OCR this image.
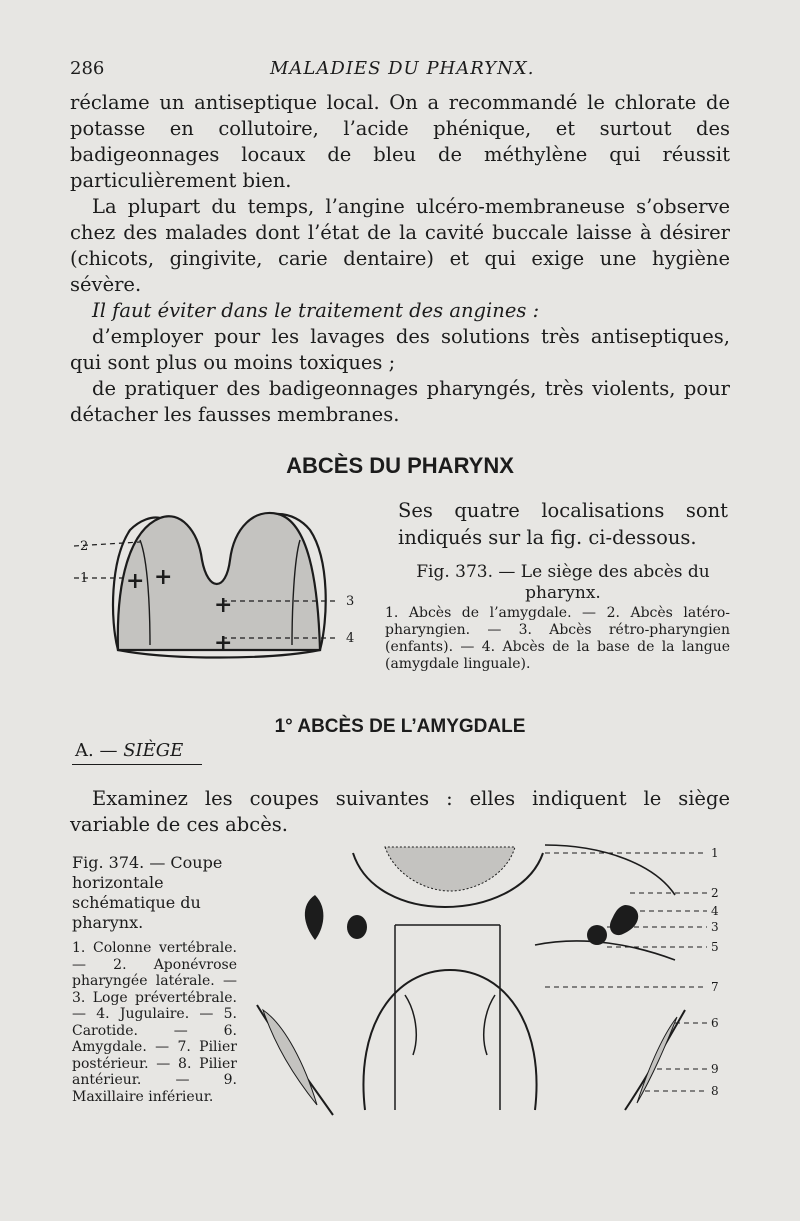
286	MALADIES DU PHARYNX.

réclame un antiseptique local. On a recommandé le chlorate de potasse en collutoire, l’acide phénique, et surtout des badigeonnages locaux de bleu de méthylène qui réussit particulièrement bien.

La plupart du temps, l’angine ulcéro-membraneuse s’observe chez des malades dont l’état de la cavité buccale laisse à désirer (chicots, gingivite, carie dentaire) et qui exige une hygiène sévère.

Il faut éviter dans le traitement des angines :

d’employer pour les lavages des solutions très antiseptiques, qui sont plus ou moins toxiques ;

de pratiquer des badigeonnages pharyngés, très violents, pour détacher les fausses membranes.

ABCÈS DU PHARYNX
Ses quatre localisations sont indiqués sur la fig. ci-dessous.
Fig. 373. — Le siège des abcès du pharynx.
1. Abcès de l’amygdale. — 2. Abcès latéro-pharyngien. — 3. Abcès rétro-pharyngien (enfants). — 4. Abcès de la base de la langue (amygdale linguale).
+ +
+
+
2
1
3
4
1° ABCÈS DE L’AMYGDALE
A. — SIÈGE
Examinez les coupes suivantes : elles indiquent le siège variable de ces abcès.
Fig. 374. — Coupe horizontale schématique du pharynx.
1. Colonne vertébrale. — 2. Aponévrose pharyngée latérale. — 3. Loge prévertébrale. — 4. Jugulaire. — 5. Carotide. — 6. Amygdale. — 7. Pilier postérieur. — 8. Pilier antérieur. — 9. Maxillaire inférieur.
1
2
4
3
5
7
6
9
8
